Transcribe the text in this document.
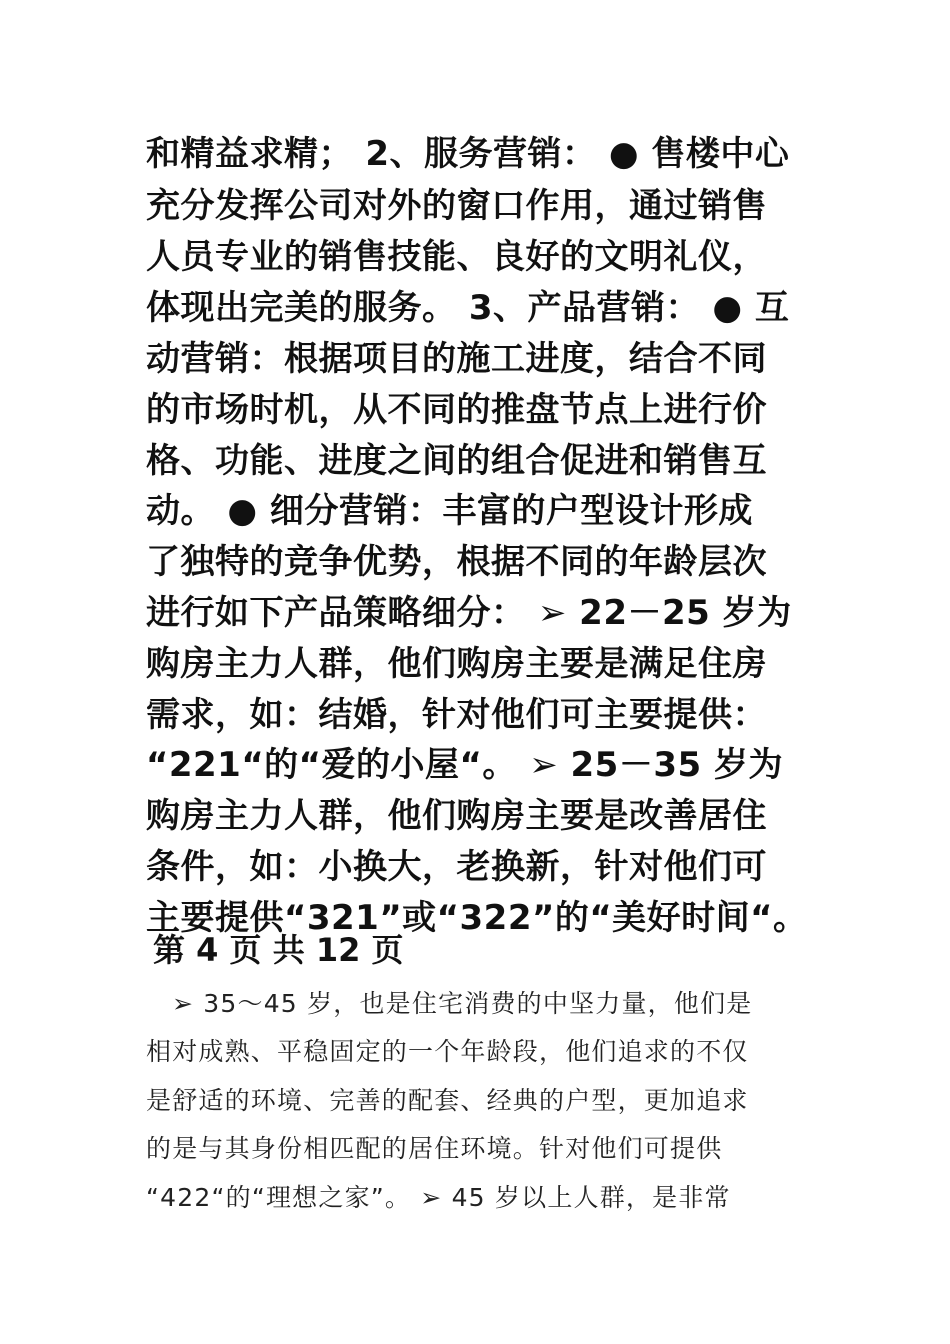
和精益求精； 2、服务营销： ● 售楼中心

充分发挥公司对外的窗口作用，通过销售

人员专业的销售技能、良好的文明礼仪，

体现出完美的服务。 3、产品营销： ● 互

动营销：根据项目的施工进度，结合不同

的市场时机，从不同的推盘节点上进行价

格、功能、进度之间的组合促进和销售互

动。 ● 细分营销：丰富的户型设计形成

了独特的竞争优势，根据不同的年龄层次

进行如下产品策略细分： ➢ 22－25 岁为

购房主力人群，他们购房主要是满足住房

需求，如：结婚，针对他们可主要提供：

“221“的“爱的小屋“。 ➢ 25－35 岁为

购房主力人群，他们购房主要是改善居住

条件，如：小换大，老换新，针对他们可

主要提供“321”或“322”的“美好时间“。

第 4 页 共 12 页

➢ 35～45 岁，也是住宅消费的中坚力量，他们是

相对成熟、平稳固定的一个年龄段，他们追求的不仅

是舒适的环境、完善的配套、经典的户型，更加追求

的是与其身份相匹配的居住环境。针对他们可提供

“422“的“理想之家”。 ➢ 45 岁以上人群，是非常
